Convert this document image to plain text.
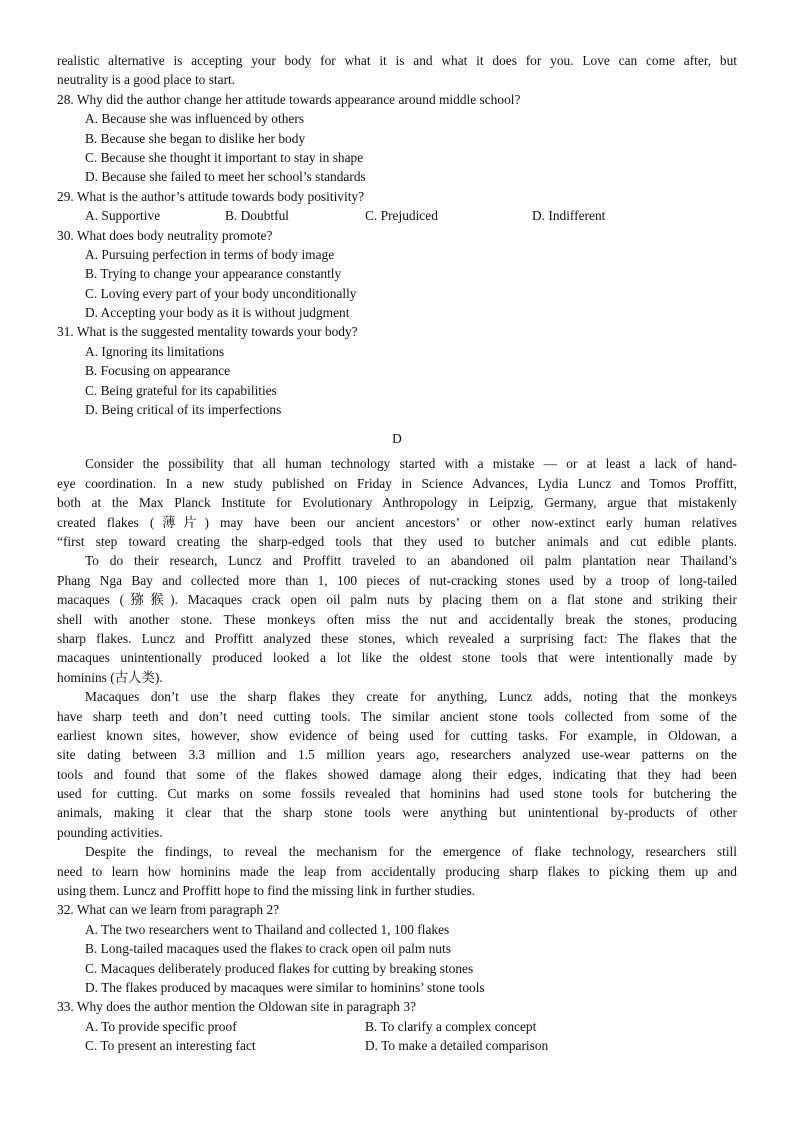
realistic alternative is accepting your body for what it is and what it does for you. Love can come after, but
neutrality is a good place to start.
28. Why did the author change her attitude towards appearance around middle school?
A. Because she was influenced by others
B. Because she began to dislike her body
C. Because she thought it important to stay in shape
D. Because she failed to meet her school’s standards
29. What is the author’s attitude towards body positivity?
A. Supportive	B. Doubtful	C. Prejudiced	D. Indifferent
30. What does body neutrality promote?
A. Pursuing perfection in terms of body image
B. Trying to change your appearance constantly
C. Loving every part of your body unconditionally
D. Accepting your body as it is without judgment
31. What is the suggested mentality towards your body?
A. Ignoring its limitations
B. Focusing on appearance
C. Being grateful for its capabilities
D. Being critical of its imperfections
D
Consider the possibility that all human technology started with a mistake — or at least a lack of hand-
eye coordination. In a new study published on Friday in Science Advances, Lydia Luncz and Tomos Proffitt,
both at the Max Planck Institute for Evolutionary Anthropology in Leipzig, Germany, argue that mistakenly
created flakes (薄片) may have been our ancient ancestors’ or other now-extinct early human relatives
“first step toward creating the sharp-edged tools that they used to butcher animals and cut edible plants.
To do their research, Luncz and Proffitt traveled to an abandoned oil palm plantation near Thailand’s
Phang Nga Bay and collected more than 1, 100 pieces of nut-cracking stones used by a troop of long-tailed
macaques (猕猴). Macaques crack open oil palm nuts by placing them on a flat stone and striking their
shell with another stone. These monkeys often miss the nut and accidentally break the stones, producing
sharp flakes. Luncz and Proffitt analyzed these stones, which revealed a surprising fact: The flakes that the
macaques unintentionally produced looked a lot like the oldest stone tools that were intentionally made by
hominins (古人类).
Macaques don’t use the sharp flakes they create for anything, Luncz adds, noting that the monkeys
have sharp teeth and don’t need cutting tools. The similar ancient stone tools collected from some of the
earliest known sites, however, show evidence of being used for cutting tasks. For example, in Oldowan, a
site dating between 3.3 million and 1.5 million years ago, researchers analyzed use-wear patterns on the
tools and found that some of the flakes showed damage along their edges, indicating that they had been
used for cutting. Cut marks on some fossils revealed that hominins had used stone tools for butchering the
animals, making it clear that the sharp stone tools were anything but unintentional by-products of other
pounding activities.
Despite the findings, to reveal the mechanism for the emergence of flake technology, researchers still
need to learn how hominins made the leap from accidentally producing sharp flakes to picking them up and
using them. Luncz and Proffitt hope to find the missing link in further studies.
32. What can we learn from paragraph 2?
A. The two researchers went to Thailand and collected 1, 100 flakes
B. Long-tailed macaques used the flakes to crack open oil palm nuts
C. Macaques deliberately produced flakes for cutting by breaking stones
D. The flakes produced by macaques were similar to hominins’ stone tools
33. Why does the author mention the Oldowan site in paragraph 3?
A. To provide specific proof	B. To clarify a complex concept
C. To present an interesting fact	D. To make a detailed comparison
